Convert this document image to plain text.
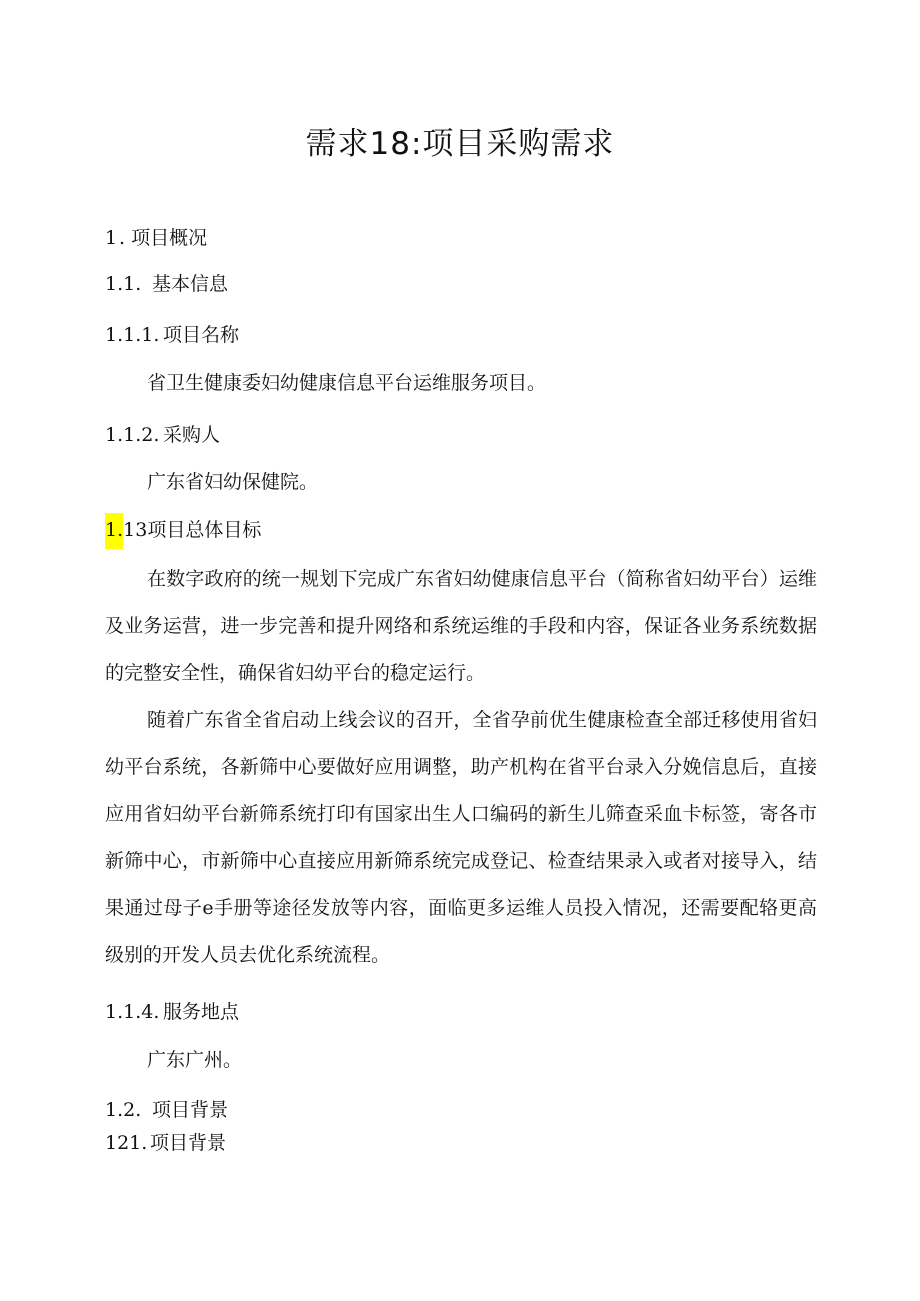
需求18:项目采购需求
1 . 项目概况
1.1. 基本信息
1.1.1. 项目名称
省卫生健康委妇幼健康信息平台运维服务项目。
1.1.2. 采购人
广东省妇幼保健院。
1.13项目总体目标
在数字政府的统一规划下完成广东省妇幼健康信息平台（简称省妇幼平台）运维及业务运营，进一步完善和提升网络和系统运维的手段和内容，保证各业务系统数据的完整安全性，确保省妇幼平台的稳定运行。
随着广东省全省启动上线会议的召开，全省孕前优生健康检查全部迁移使用省妇幼平台系统，各新筛中心要做好应用调整，助产机构在省平台录入分娩信息后，直接应用省妇幼平台新筛系统打印有国家出生人口编码的新生儿筛查采血卡标签，寄各市新筛中心，市新筛中心直接应用新筛系统完成登记、检查结果录入或者对接导入，结果通过母子e手册等途径发放等内容，面临更多运维人员投入情况，还需要配辂更高级别的开发人员去优化系统流程。
1.1.4. 服务地点
广东广州。
1.2. 项目背景
121. 项目背景
